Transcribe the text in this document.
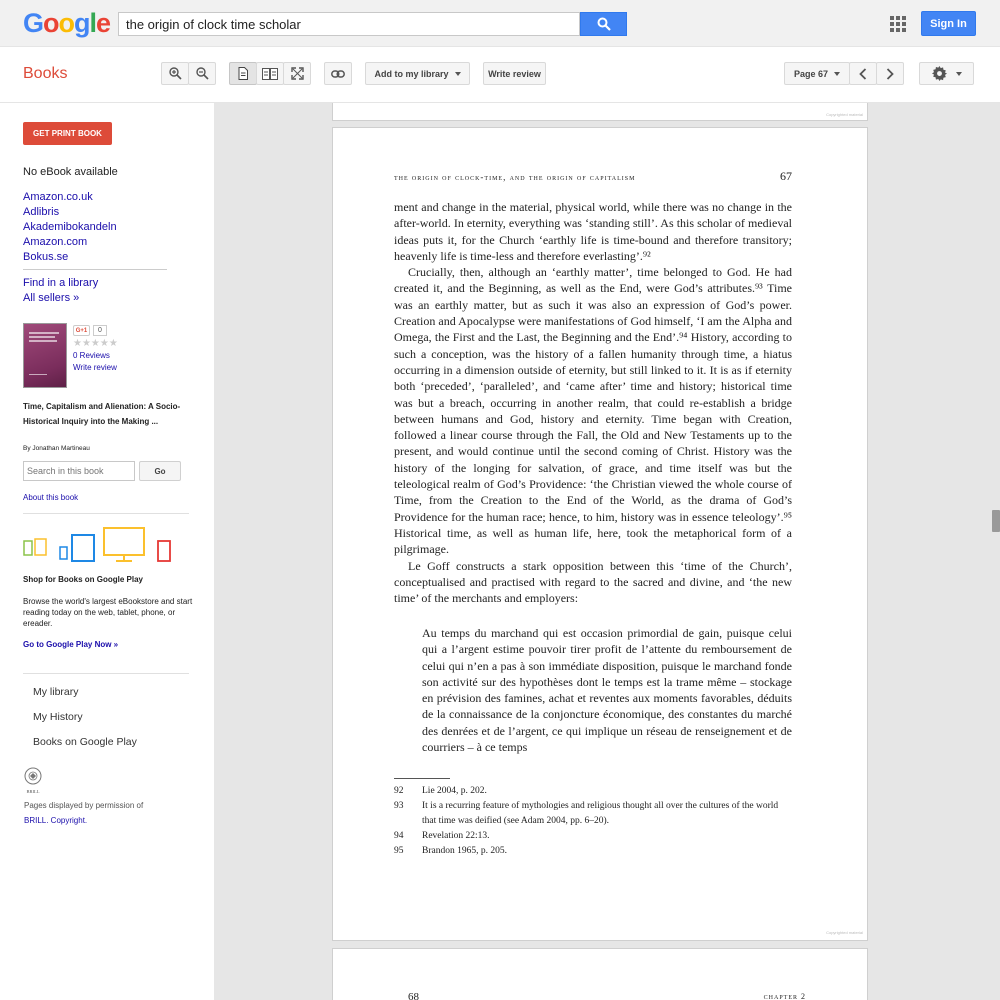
Google
the origin of clock time scholar	Sign In
Books	Add to my library	Write review	Page 67
GET PRINT BOOK
No eBook available
Amazon.co.uk
Adlibris
Akademibokandeln
Amazon.com
Bokus.se
Find in a library
All sellers »
G+1	0
★★★★★
0 Reviews
Write review
Time, Capitalism and Alienation: A Socio-Historical Inquiry into the Making ...
By Jonathan Martineau
Search in this book
Go
About this book
Shop for Books on Google Play
Browse the world's largest eBookstore and start reading today on the web, tablet, phone, or ereader.
Go to Google Play Now »
My library
My History
Books on Google Play
BRILL
Pages displayed by permission of
BRILL. Copyright.
Copyrighted material
the origin of clock-time, and the origin of capitalism	67

ment and change in the material, physical world, while there was no change in the after-world. In eternity, everything was ‘standing still’. As this scholar of medieval ideas puts it, for the Church ‘earthly life is time-bound and therefore transitory; heavenly life is time-less and therefore everlasting’.⁹²

Crucially, then, although an ‘earthly matter’, time belonged to God. He had created it, and the Beginning, as well as the End, were God’s attributes.⁹³ Time was an earthly matter, but as such it was also an expression of God’s power. Creation and Apocalypse were manifestations of God himself, ‘I am the Alpha and Omega, the First and the Last, the Beginning and the End’.⁹⁴ History, according to such a conception, was the history of a fallen humanity through time, a hiatus occurring in a dimension outside of eternity, but still linked to it. It is as if eternity both ‘preceded’, ‘paralleled’, and ‘came after’ time and history; historical time was but a breach, occurring in another realm, that could re-establish a bridge between humans and God, history and eternity. Time began with Creation, followed a linear course through the Fall, the Old and New Testaments up to the present, and would continue until the second coming of Christ. History was the history of the longing for salvation, of grace, and time itself was but the teleological realm of God’s Providence: ‘the Christian viewed the whole course of Time, from the Creation to the End of the World, as the drama of God’s Providence for the human race; hence, to him, history was in essence teleology’.⁹⁵ Historical time, as well as human life, here, took the metaphorical form of a pilgrimage.

Le Goff constructs a stark opposition between this ‘time of the Church’, conceptualised and practised with regard to the sacred and divine, and ‘the new time’ of the merchants and employers:

Au temps du marchand qui est occasion primordial de gain, puisque celui qui a l’argent estime pouvoir tirer profit de l’attente du remboursement de celui qui n’en a pas à son immédiate disposition, puisque le marchand fonde son activité sur des hypothèses dont le temps est la trame même – stockage en prévision des famines, achat et reventes aux moments favorables, déduits de la connaissance de la conjoncture économique, des constantes du marché des denrées et de l’argent, ce qui implique un réseau de renseignement et de courriers – à ce temps
92	Lie 2004, p. 202.
93	It is a recurring feature of mythologies and religious thought all over the cultures of the world that time was deified (see Adam 2004, pp. 6–20).
94	Revelation 22:13.
95	Brandon 1965, p. 205.
Copyrighted material
68	chapter 2
